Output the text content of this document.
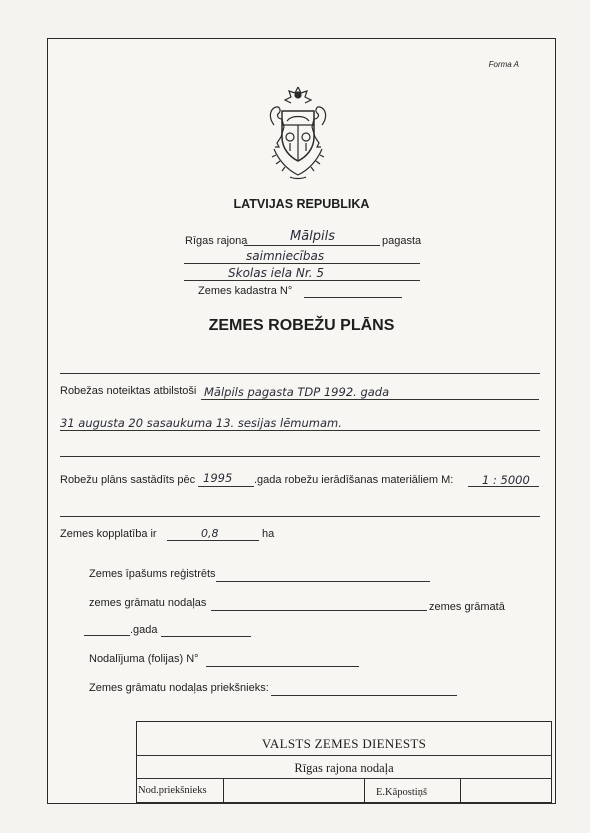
Forma A
LATVIJAS REPUBLIKA
Rīgas rajona	Mālpils	pagasta
saimniecības
Skolas iela Nr. 5
Zemes kadastra N°
ZEMES ROBEŽU PLĀNS
Robežas noteiktas atbilstoši Mālpils pagasta TDP 1992. gada
31 augusta 20 sasaukuma 13. sesijas lēmumam.
Robežu plāns sastādīts pēc 1995 .gada robežu ierādīšanas materiāliem M: 1 : 5000
Zemes kopplatība ir	0,8	ha
Zemes īpašums reģistrēts
zemes grāmatu nodaļas	zemes grāmatā
.gada
Nodalījuma (folijas) N°
Zemes grāmatu nodaļas priekšnieks:
VALSTS ZEMES DIENESTS
Rīgas rajona nodaļa
Nod.priekšnieks	E.Kāpostiņš
